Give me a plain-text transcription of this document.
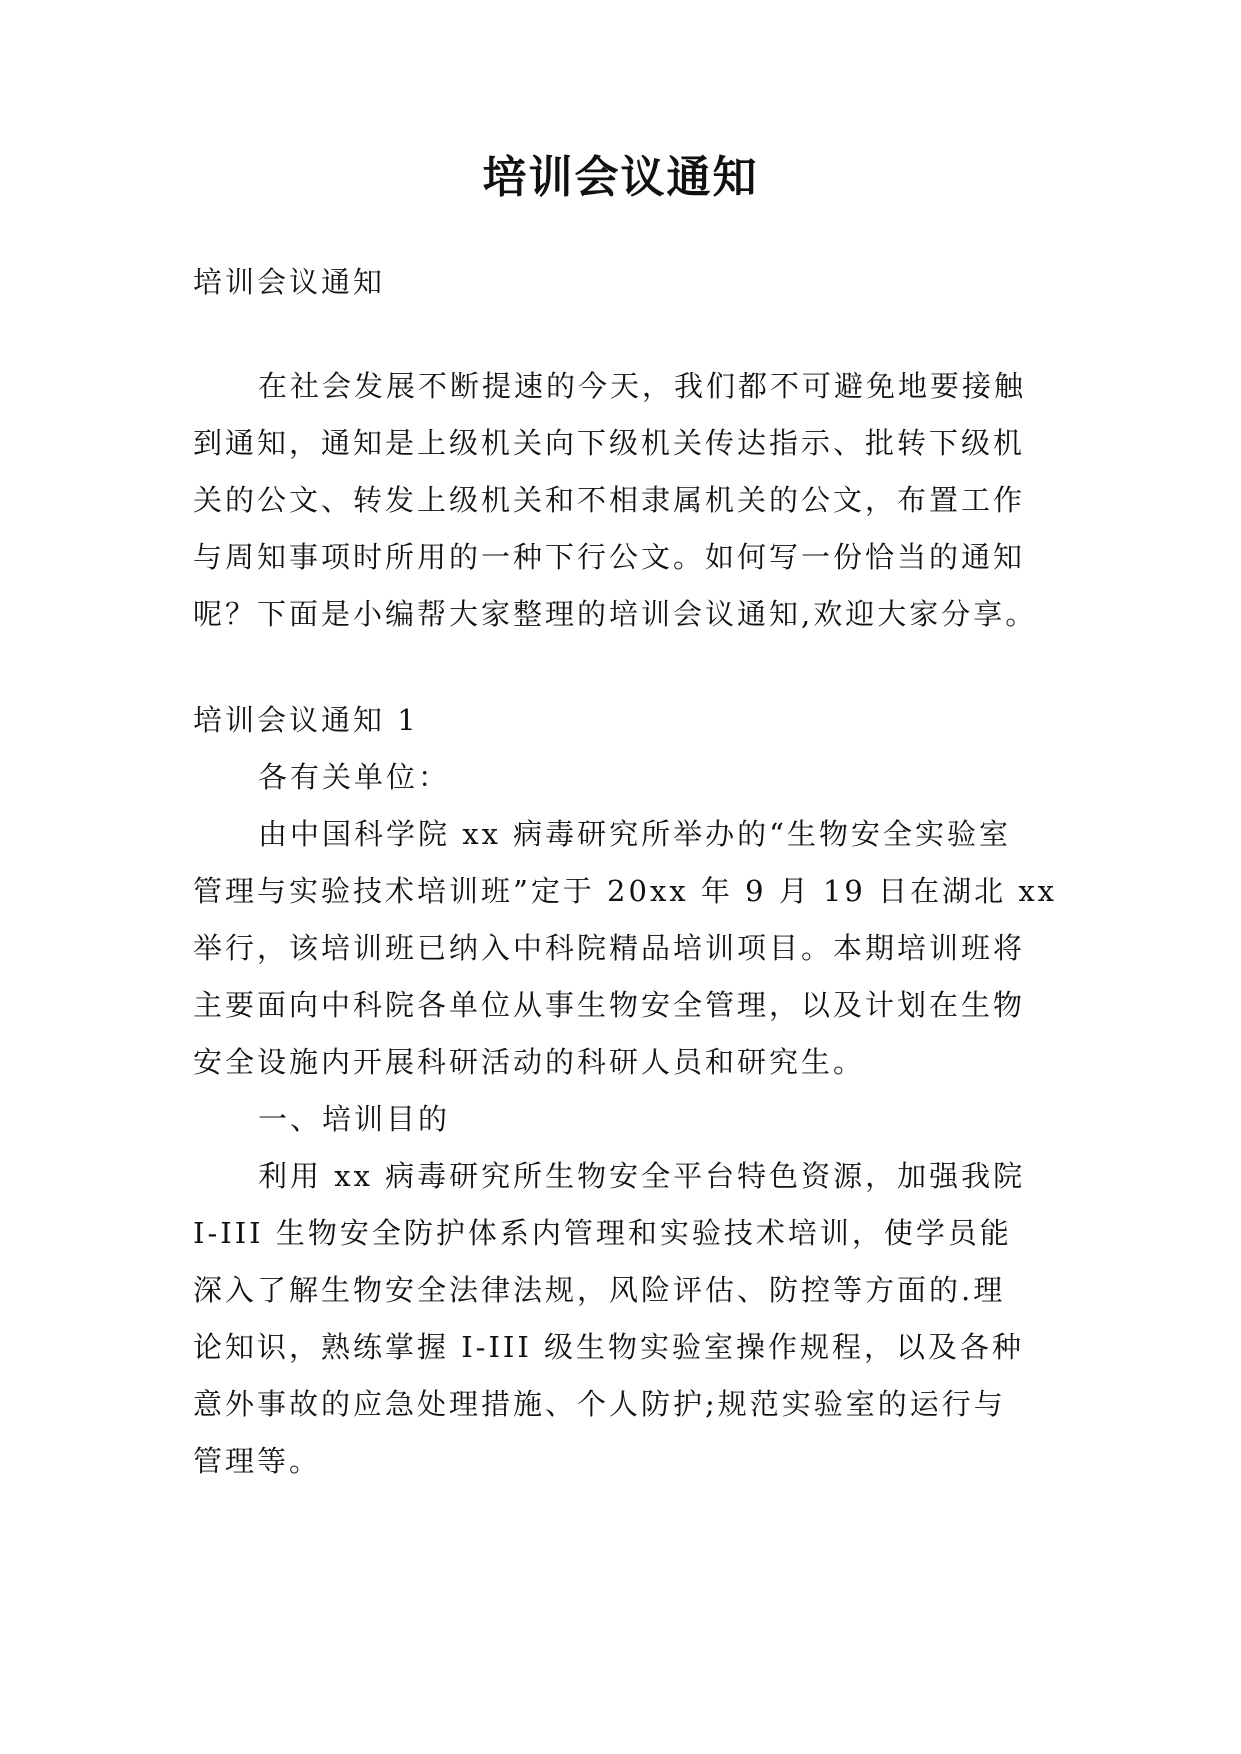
培训会议通知

培训会议通知

在社会发展不断提速的今天，我们都不可避免地要接触

到通知，通知是上级机关向下级机关传达指示、批转下级机

关的公文、转发上级机关和不相隶属机关的公文，布置工作

与周知事项时所用的一种下行公文。如何写一份恰当的通知

呢？下面是小编帮大家整理的培训会议通知,欢迎大家分享。

培训会议通知 1

各有关单位：

由中国科学院 xx 病毒研究所举办的“生物安全实验室

管理与实验技术培训班”定于 20xx 年 9 月 19 日在湖北 xx

举行，该培训班已纳入中科院精品培训项目。本期培训班将

主要面向中科院各单位从事生物安全管理，以及计划在生物

安全设施内开展科研活动的科研人员和研究生。

一、培训目的

利用 xx 病毒研究所生物安全平台特色资源，加强我院

I-III 生物安全防护体系内管理和实验技术培训，使学员能

深入了解生物安全法律法规，风险评估、防控等方面的.理

论知识，熟练掌握 I-III 级生物实验室操作规程，以及各种

意外事故的应急处理措施、个人防护;规范实验室的运行与

管理等。
